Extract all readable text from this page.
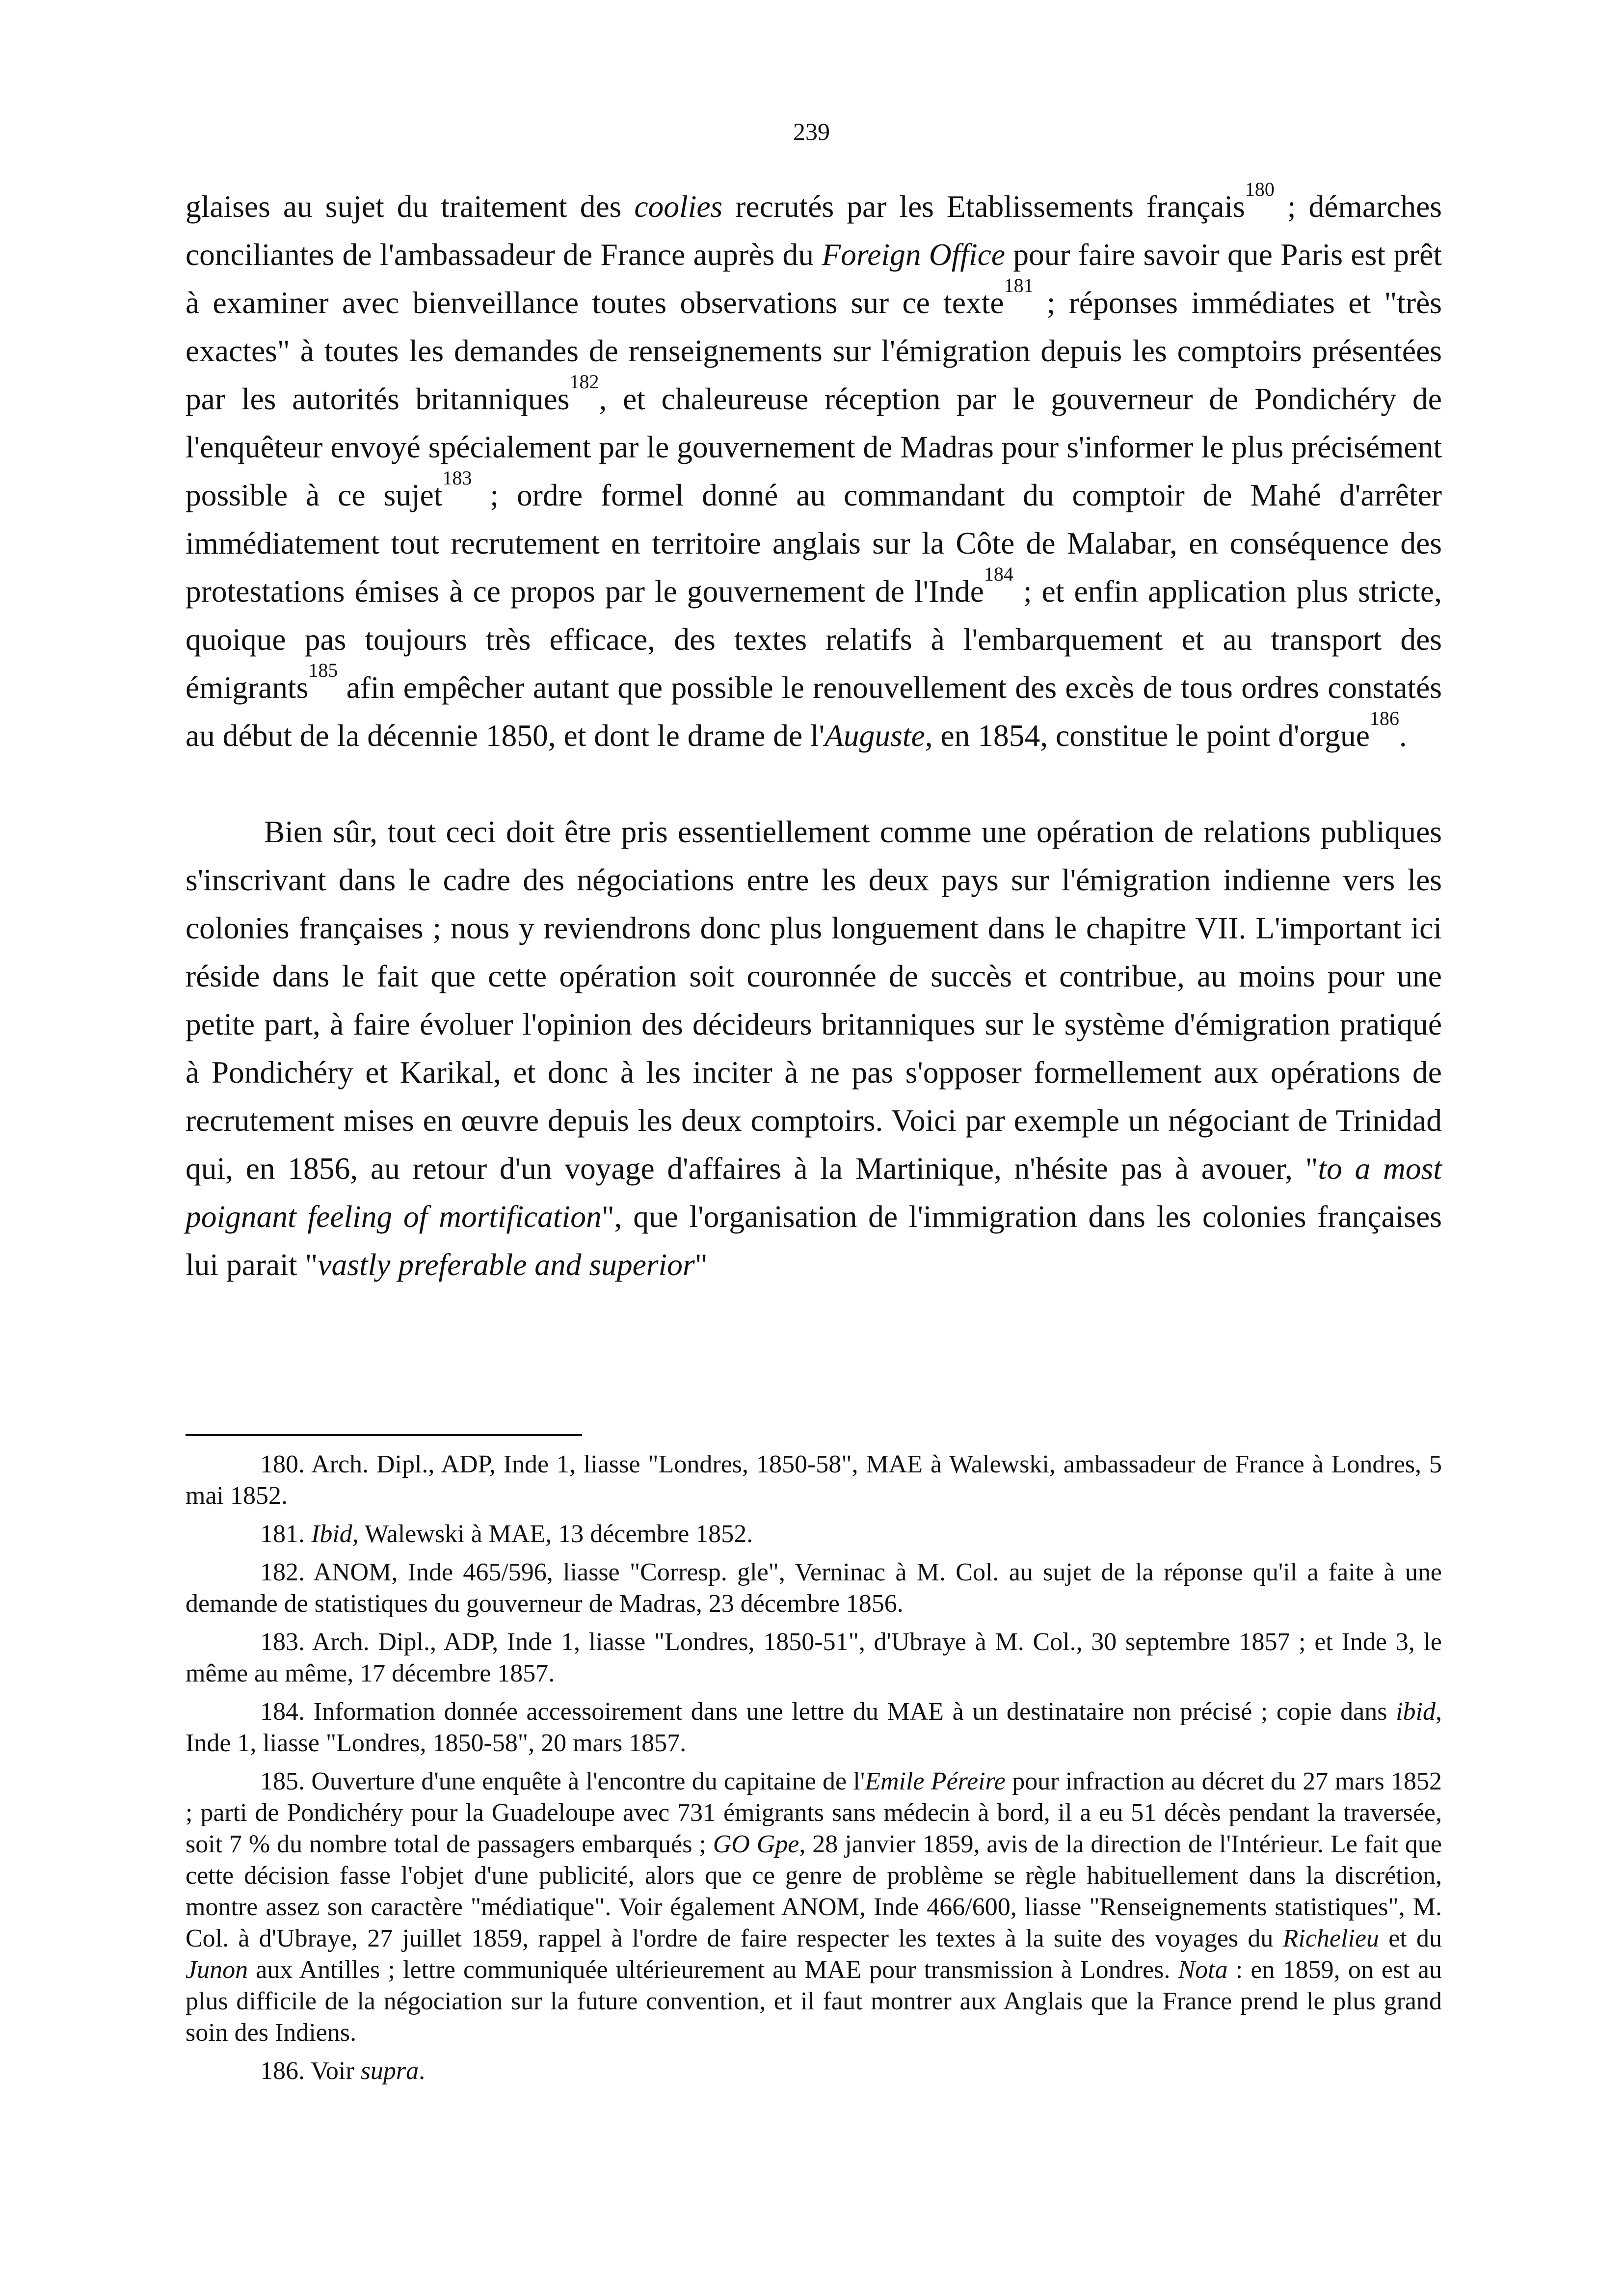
239

glaises au sujet du traitement des coolies recrutés par les Etablissements français$^{180}$ ; démarches conciliantes de l'ambassadeur de France auprès du Foreign Office pour faire savoir que Paris est prêt à examiner avec bienveillance toutes observations sur ce texte$^{181}$ ; réponses immédiates et "très exactes" à toutes les demandes de renseignements sur l'émigration depuis les comptoirs présentées par les autorités britanniques$^{182}$, et chaleureuse réception par le gouverneur de Pondichéry de l'enquêteur envoyé spécialement par le gouvernement de Madras pour s'informer le plus précisément possible à ce sujet$^{183}$ ; ordre formel donné au commandant du comptoir de Mahé d'arrêter immédiatement tout recrutement en territoire anglais sur la Côte de Malabar, en conséquence des protestations émises à ce propos par le gouvernement de l'Inde$^{184}$ ; et enfin application plus stricte, quoique pas toujours très efficace, des textes relatifs à l'embarquement et au transport des émigrants$^{185}$ afin empêcher autant que possible le renouvellement des excès de tous ordres constatés au début de la décennie 1850, et dont le drame de l'Auguste, en 1854, constitue le point d'orgue$^{186}$.

Bien sûr, tout ceci doit être pris essentiellement comme une opération de relations publiques s'inscrivant dans le cadre des négociations entre les deux pays sur l'émigration indienne vers les colonies françaises ; nous y reviendrons donc plus longuement dans le chapitre VII. L'important ici réside dans le fait que cette opération soit couronnée de succès et contribue, au moins pour une petite part, à faire évoluer l'opinion des décideurs britanniques sur le système d'émigration pratiqué à Pondichéry et Karikal, et donc à les inciter à ne pas s'opposer formellement aux opérations de recrutement mises en œuvre depuis les deux comptoirs. Voici par exemple un négociant de Trinidad qui, en 1856, au retour d'un voyage d'affaires à la Martinique, n'hésite pas à avouer, "to a most poignant feeling of mortification", que l'organisation de l'immigration dans les colonies françaises lui parait "vastly preferable and superior"

180. Arch. Dipl., ADP, Inde 1, liasse "Londres, 1850-58", MAE à Walewski, ambassadeur de France à Londres, 5 mai 1852.

181. Ibid, Walewski à MAE, 13 décembre 1852.

182. ANOM, Inde 465/596, liasse "Corresp. gle", Verninac à M. Col. au sujet de la réponse qu'il a faite à une demande de statistiques du gouverneur de Madras, 23 décembre 1856.

183. Arch. Dipl., ADP, Inde 1, liasse "Londres, 1850-51", d'Ubraye à M. Col., 30 septembre 1857 ; et Inde 3, le même au même, 17 décembre 1857.

184. Information donnée accessoirement dans une lettre du MAE à un destinataire non précisé ; copie dans ibid, Inde 1, liasse "Londres, 1850-58", 20 mars 1857.

185. Ouverture d'une enquête à l'encontre du capitaine de l'Emile Péreire pour infraction au décret du 27 mars 1852 ; parti de Pondichéry pour la Guadeloupe avec 731 émigrants sans médecin à bord, il a eu 51 décès pendant la traversée, soit 7 % du nombre total de passagers embarqués ; GO Gpe, 28 janvier 1859, avis de la direction de l'Intérieur. Le fait que cette décision fasse l'objet d'une publicité, alors que ce genre de problème se règle habituellement dans la discrétion, montre assez son caractère "médiatique". Voir également ANOM, Inde 466/600, liasse "Renseignements statistiques", M. Col. à d'Ubraye, 27 juillet 1859, rappel à l'ordre de faire respecter les textes à la suite des voyages du Richelieu et du Junon aux Antilles ; lettre communiquée ultérieurement au MAE pour transmission à Londres. Nota : en 1859, on est au plus difficile de la négociation sur la future convention, et il faut montrer aux Anglais que la France prend le plus grand soin des Indiens.

186. Voir supra.
